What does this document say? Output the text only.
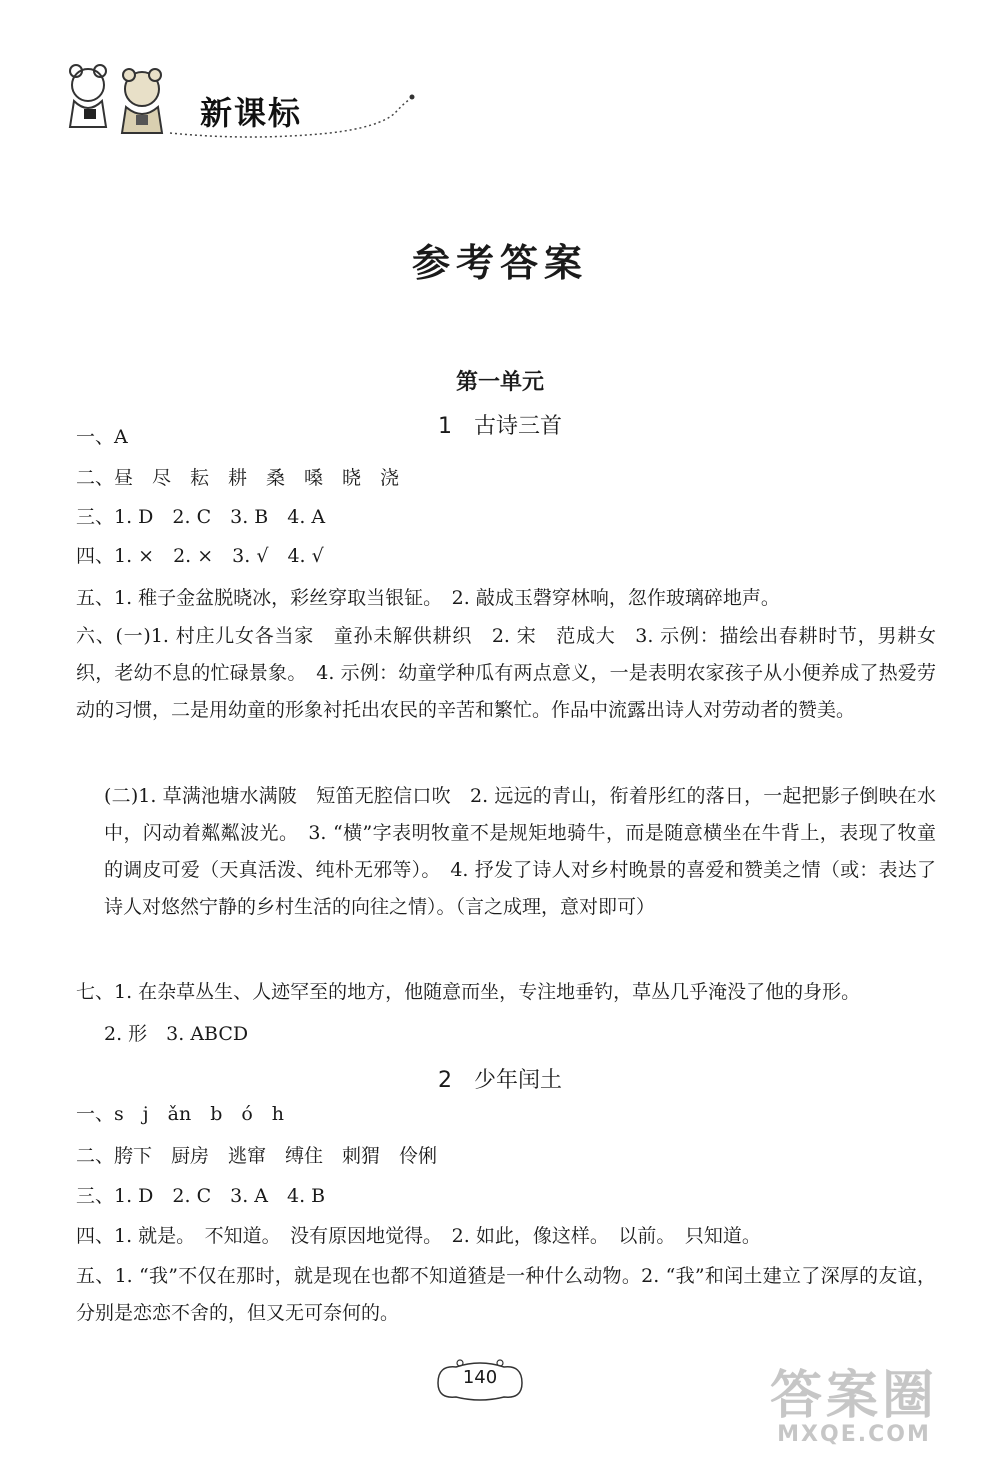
新课标
参考答案
第一单元
1　古诗三首
一、A
二、昼　尽　耘　耕　桑　嗓　晓　浇
三、1. D　2. C　3. B　4. A
四、1. ×　2. ×　3. √　4. √
五、1. 稚子金盆脱晓冰，彩丝穿取当银钲。　2. 敲成玉磬穿林响，忽作玻璃碎地声。
六、(一)1. 村庄儿女各当家　童孙未解供耕织　2. 宋　范成大　3. 示例：描绘出春耕时节，男耕女织，老幼不息的忙碌景象。　4. 示例：幼童学种瓜有两点意义，一是表明农家孩子从小便养成了热爱劳动的习惯，二是用幼童的形象衬托出农民的辛苦和繁忙。作品中流露出诗人对劳动者的赞美。
(二)1. 草满池塘水满陂　短笛无腔信口吹　2. 远远的青山，衔着彤红的落日，一起把影子倒映在水中，闪动着粼粼波光。　3. “横”字表明牧童不是规矩地骑牛，而是随意横坐在牛背上，表现了牧童的调皮可爱（天真活泼、纯朴无邪等）。　4. 抒发了诗人对乡村晚景的喜爱和赞美之情（或：表达了诗人对悠然宁静的乡村生活的向往之情）。（言之成理，意对即可）
七、1. 在杂草丛生、人迹罕至的地方，他随意而坐，专注地垂钓，草丛几乎淹没了他的身形。
2. 形　3. ABCD
2　少年闰土
一、s　j　ǎn　b　ó　h
二、胯下　厨房　逃窜　缚住　刺猬　伶俐
三、1. D　2. C　3. A　4. B
四、1. 就是。　不知道。　没有原因地觉得。　2. 如此，像这样。　以前。　只知道。
五、1. “我”不仅在那时，就是现在也都不知道猹是一种什么动物。2. “我”和闰土建立了深厚的友谊，分别是恋恋不舍的，但又无可奈何的。
140	答案圈
MXQE.COM
